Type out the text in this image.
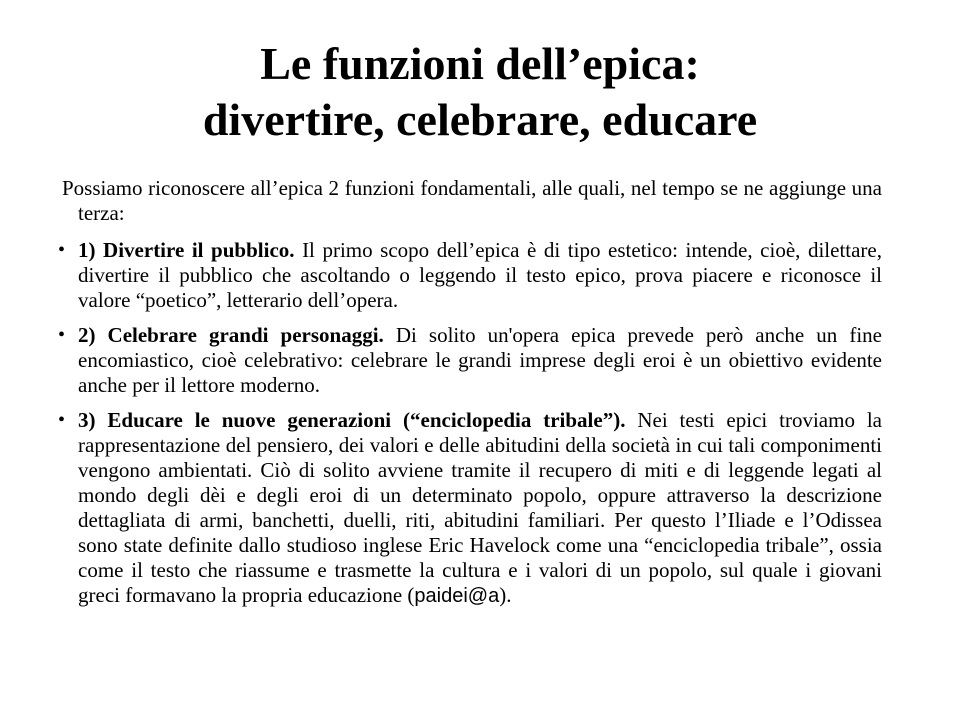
Le funzioni dell’epica:
divertire, celebrare, educare

Possiamo riconoscere all’epica 2 funzioni fondamentali, alle quali, nel tempo se ne aggiunge una terza:

• 1) Divertire il pubblico. Il primo scopo dell’epica è di tipo estetico: intende, cioè, dilettare, divertire il pubblico che ascoltando o leggendo il testo epico, prova piacere e riconosce il valore “poetico”, letterario dell’opera.
• 2) Celebrare grandi personaggi. Di solito un'opera epica prevede però anche un fine encomiastico, cioè celebrativo: celebrare le grandi imprese degli eroi è un obiettivo evidente anche per il lettore moderno.
• 3) Educare le nuove generazioni (“enciclopedia tribale”). Nei testi epici troviamo la rappresentazione del pensiero, dei valori e delle abitudini della società in cui tali componimenti vengono ambientati. Ciò di solito avviene tramite il recupero di miti e di leggende legati al mondo degli dèi e degli eroi di un determinato popolo, oppure attraverso la descrizione dettagliata di armi, banchetti, duelli, riti, abitudini familiari. Per questo l’Iliade e l’Odissea sono state definite dallo studioso inglese Eric Havelock come una “enciclopedia tribale”, ossia come il testo che riassume e trasmette la cultura e i valori di un popolo, sul quale i giovani greci formavano la propria educazione (paidei@a).
